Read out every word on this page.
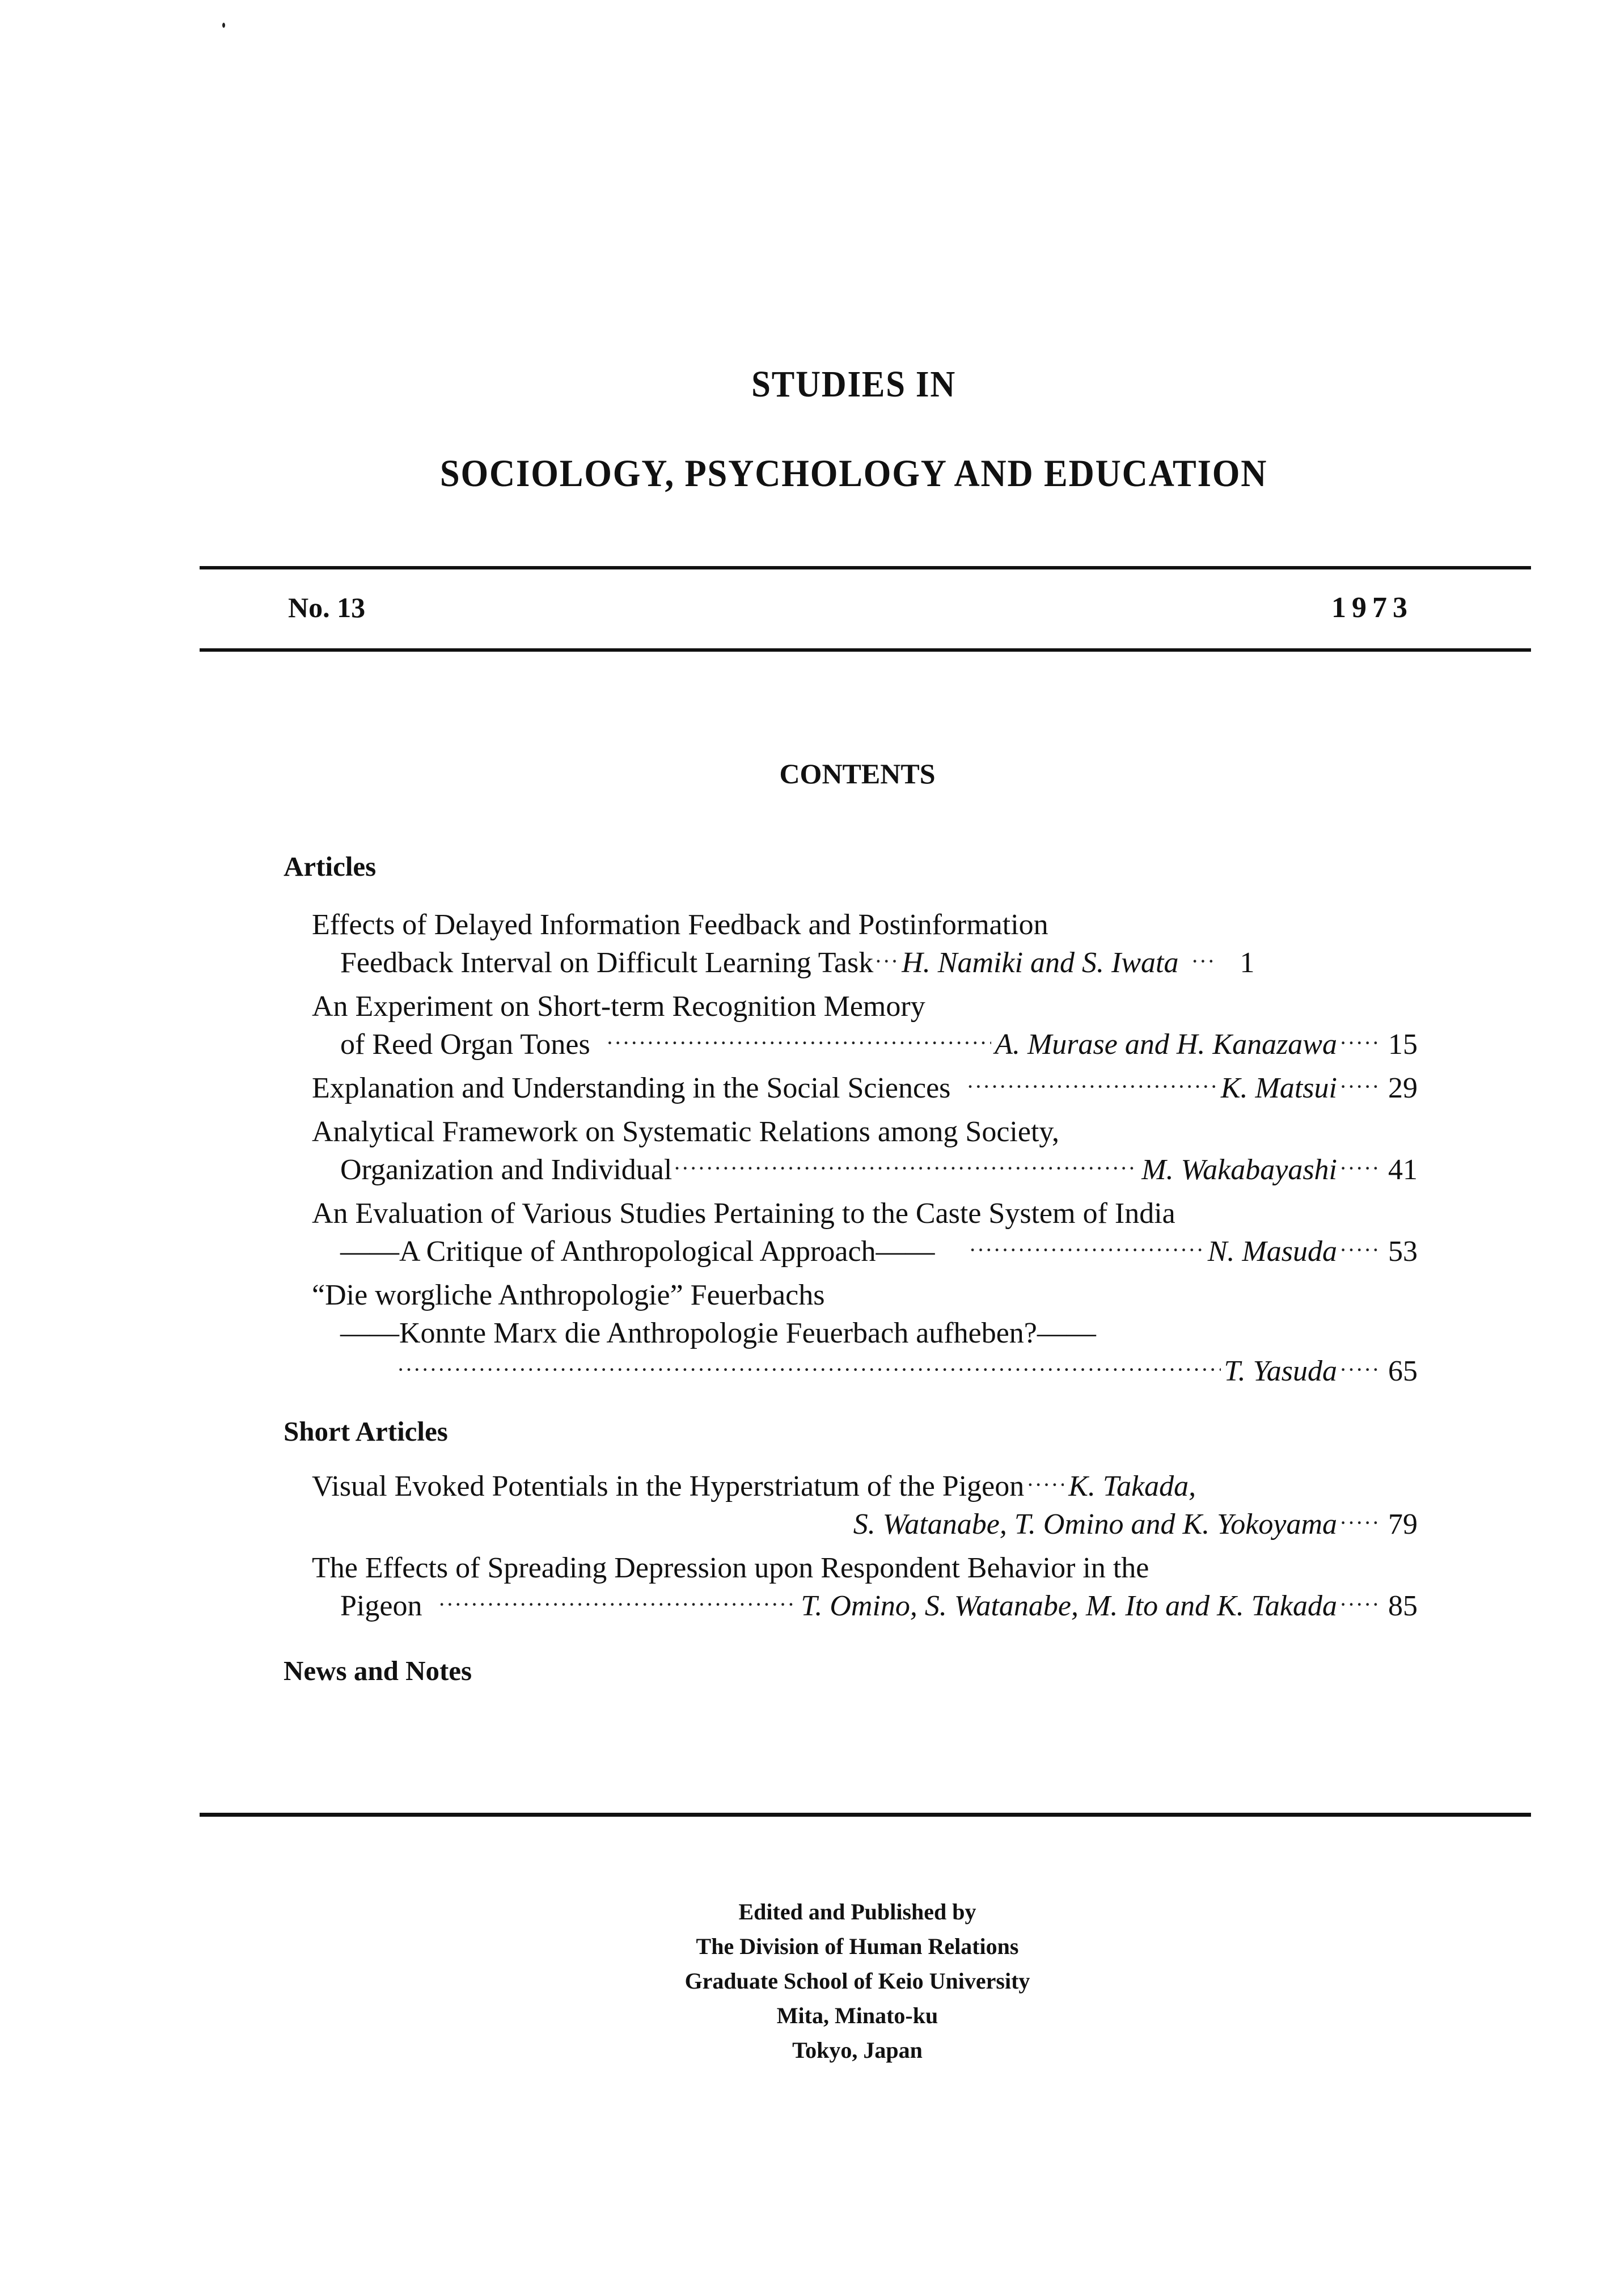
STUDIES IN
SOCIOLOGY, PSYCHOLOGY AND EDUCATION
No. 13	1973
CONTENTS
Articles
Effects of Delayed Information Feedback and Postinformation
Feedback Interval on Difficult Learning Task ····· H. Namiki and S. Iwata ·····	1
An Experiment on Short-term Recognition Memory
of Reed Organ Tones ·····	A. Murase and H. Kanazawa ····· 15
Explanation and Understanding in the Social Sciences ·····	K. Matsui ····· 29
Analytical Framework on Systematic Relations among Society,
Organization and Individual ·····	M. Wakabayashi ····· 41
An Evaluation of Various Studies Pertaining to the Caste System of India
——A Critique of Anthropological Approach—— ·····	N. Masuda ····· 53
“Die worgliche Anthropologie” Feuerbachs
——Konnte Marx die Anthropologie Feuerbach aufheben?——
·····
T. Yasuda ····· 65
Short Articles
Visual Evoked Potentials in the Hyperstriatum of the Pigeon ····· K. Takada,
S. Watanabe, T. Omino and K. Yokoyama ····· 79
The Effects of Spreading Depression upon Respondent Behavior in the
Pigeon ·····	T. Omino, S. Watanabe, M. Ito and K. Takada ····· 85
News and Notes
Edited and Published by
The Division of Human Relations
Graduate School of Keio University
Mita, Minato-ku
Tokyo, Japan
